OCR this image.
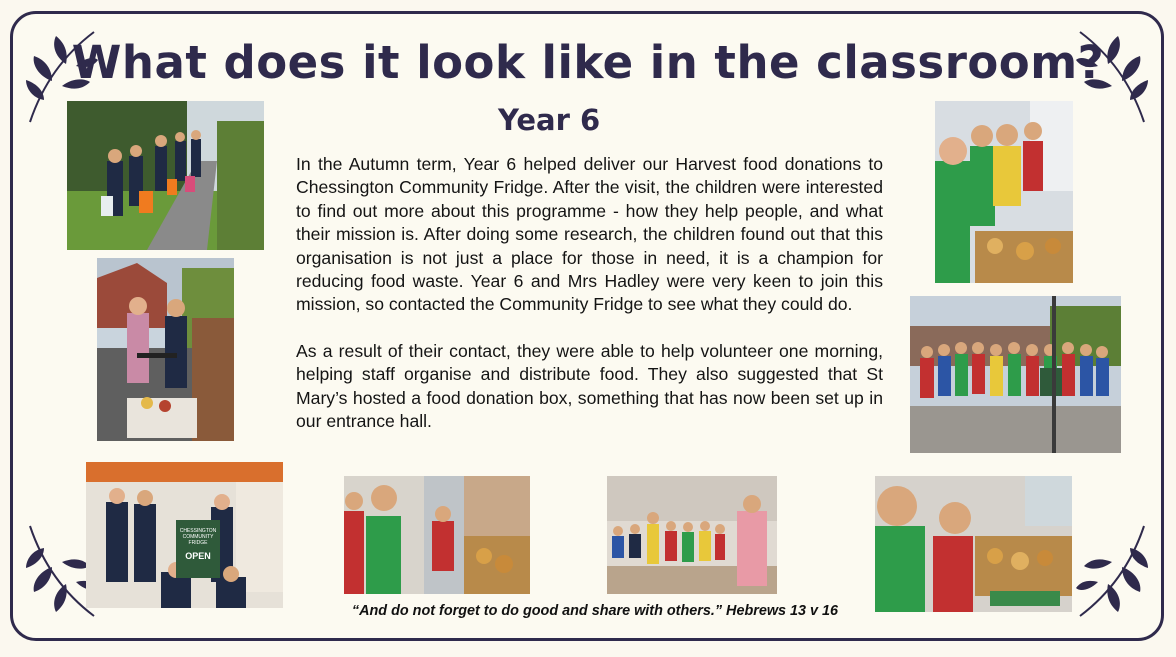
What does it look like in the classroom?
Year 6

In the Autumn term, Year 6 helped deliver our Harvest food donations to Chessington Community Fridge. After the visit, the children were interested to find out more about this programme - how they help people, and what their mission is. After doing some research, the children found out that this organisation is not just a place for those in need, it is a champion for reducing food waste. Year 6 and Mrs Hadley were very keen to join this mission, so contacted the Community Fridge to see what they could do.

As a result of their contact, they were able to help volunteer one morning, helping staff organise and distribute food. They also suggested that St Mary’s hosted a food donation box, something that has now been set up in our entrance hall.

“And do not forget to do good and share with others.” Hebrews 13 v 16

CHESSINGTON
COMMUNITY FRIDGE
OPEN
